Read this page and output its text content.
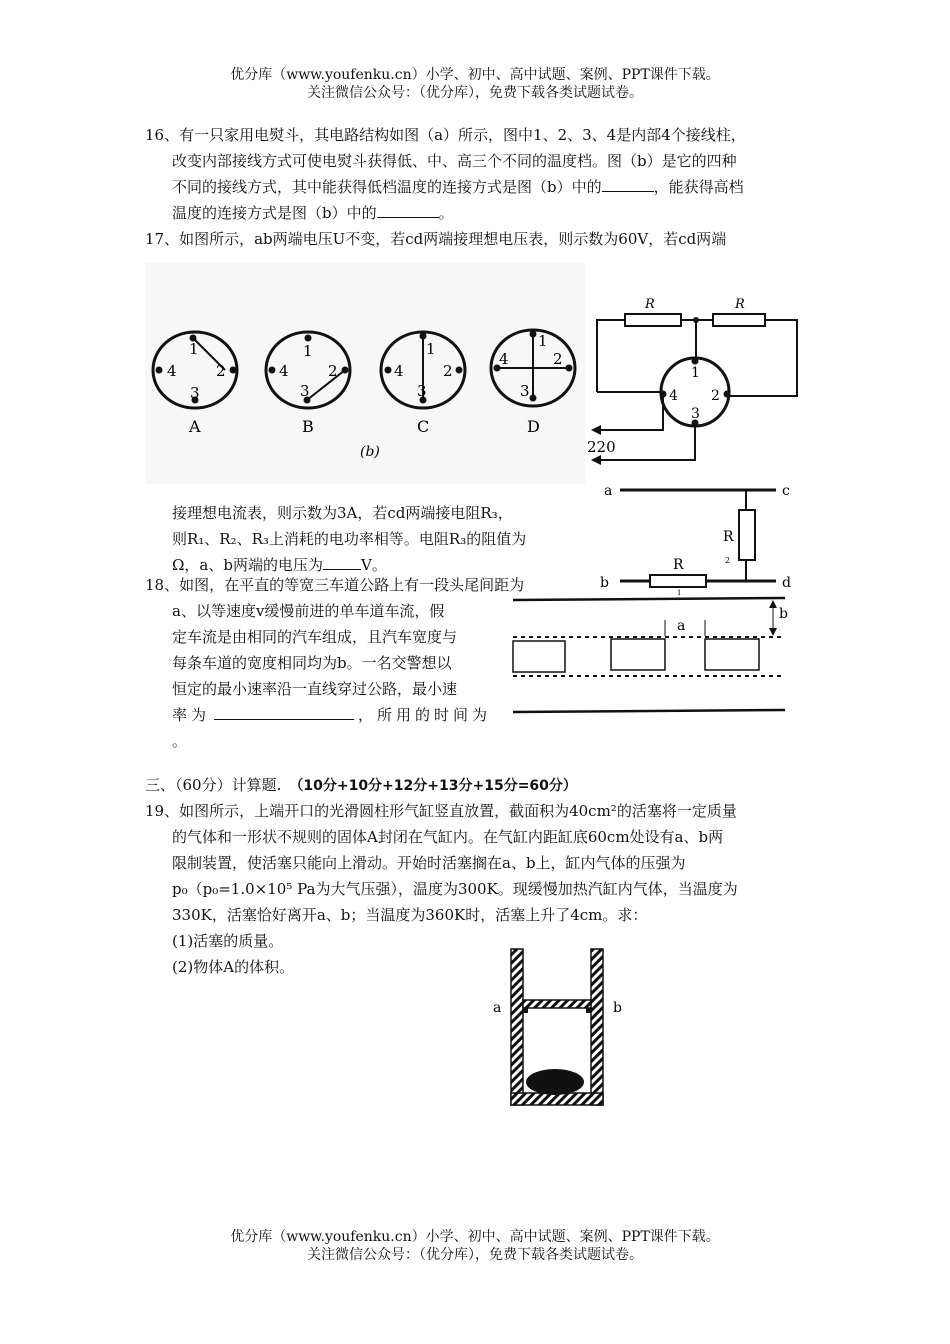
优分库（www.youfenku.cn）小学、初中、高中试题、案例、PPT课件下载。
关注微信公众号：（优分库），免费下载各类试题试卷。

16、有一只家用电熨斗，其电路结构如图（a）所示，图中1、2、3、4是内部4个接线柱，

改变内部接线方式可使电熨斗获得低、中、高三个不同的温度档。图（b）是它的四种

不同的接线方式，其中能获得低档温度的连接方式是图（b）中的	，能获得高档

温度的连接方式是图（b）中的	。

17、如图所示，ab两端电压U不变，若cd两端接理想电压表，则示数为60V，若cd两端

1
2
3
4
A
1
2
3
4
B
1
2
3
4
C
1
2
3
4
D
(b)
R	R
1
2
3
4
220

接理想电流表，则示数为3A，若cd两端接电阻R₃，

则R₁、R₂、R₃上消耗的电功率相等。电阻R₃的阻值为

Ω，a、b两端的电压为	V。

a	c
b	d
R
2
R
1

18、如图，在平直的等宽三车道公路上有一段头尾间距为

a、以等速度v缓慢前进的单车道车流，假

定车流是由相同的汽车组成，且汽车宽度与

每条车道的宽度相同均为b。一名交警想以

恒定的最小速率沿一直线穿过公路，最小速

率为	，所用的时间为

。

a
b

三、（60分）计算题. （10分+10分+12分+13分+15分=60分）

19、如图所示，上端开口的光滑圆柱形气缸竖直放置，截面积为40cm²的活塞将一定质量

的气体和一形状不规则的固体A封闭在气缸内。在气缸内距缸底60cm处设有a、b两

限制装置，使活塞只能向上滑动。开始时活塞搁在a、b上，缸内气体的压强为

p₀（p₀=1.0×10⁵ Pa为大气压强），温度为300K。现缓慢加热汽缸内气体，当温度为

330K，活塞恰好离开a、b；当温度为360K时，活塞上升了4cm。求：

(1)活塞的质量。

(2)物体A的体积。

a	b
优分库（www.youfenku.cn）小学、初中、高中试题、案例、PPT课件下载。
关注微信公众号：（优分库），免费下载各类试题试卷。
